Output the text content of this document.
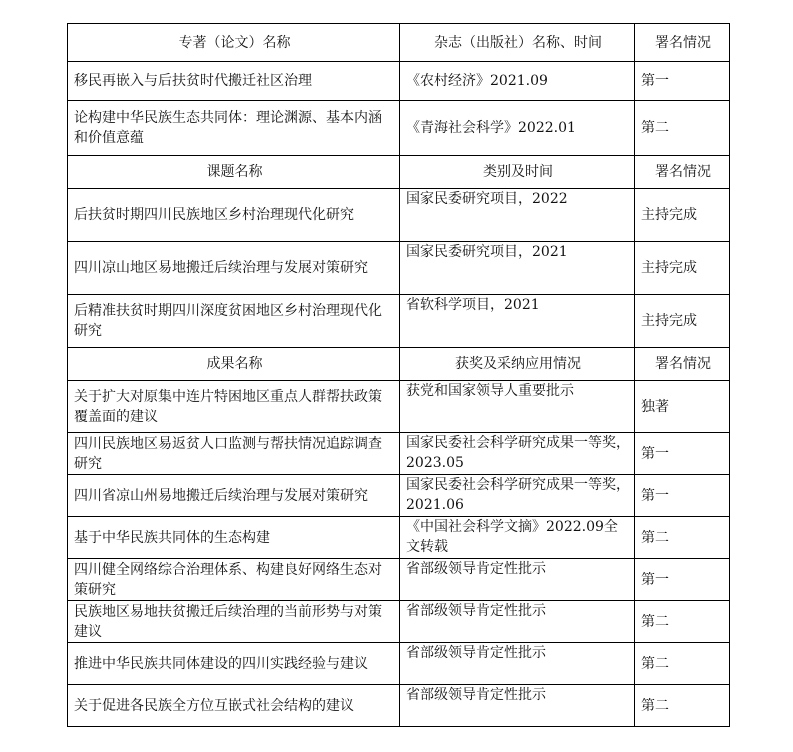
专著（论文）名称	杂志（出版社）名称、时间	署名情况
移民再嵌入与后扶贫时代搬迁社区治理	《农村经济》2021.09	第一
论构建中华民族生态共同体：理论渊源、基本内涵和价值意蕴	《青海社会科学》2022.01	第二
课题名称	类别及时间	署名情况
后扶贫时期四川民族地区乡村治理现代化研究	国家民委研究项目，2022	主持完成
四川凉山地区易地搬迁后续治理与发展对策研究	国家民委研究项目，2021	主持完成
后精准扶贫时期四川深度贫困地区乡村治理现代化研究	省软科学项目，2021	主持完成
成果名称	获奖及采纳应用情况	署名情况
关于扩大对原集中连片特困地区重点人群帮扶政策覆盖面的建议	获党和国家领导人重要批示	独著
四川民族地区易返贫人口监测与帮扶情况追踪调查研究	国家民委社会科学研究成果一等奖，2023.05	第一
四川省凉山州易地搬迁后续治理与发展对策研究	国家民委社会科学研究成果一等奖，2021.06	第一
基于中华民族共同体的生态构建	《中国社会科学文摘》2022.09全文转载	第二
四川健全网络综合治理体系、构建良好网络生态对策研究	省部级领导肯定性批示	第一
民族地区易地扶贫搬迁后续治理的当前形势与对策建议	省部级领导肯定性批示	第二
推进中华民族共同体建设的四川实践经验与建议	省部级领导肯定性批示	第二
关于促进各民族全方位互嵌式社会结构的建议	省部级领导肯定性批示	第二
